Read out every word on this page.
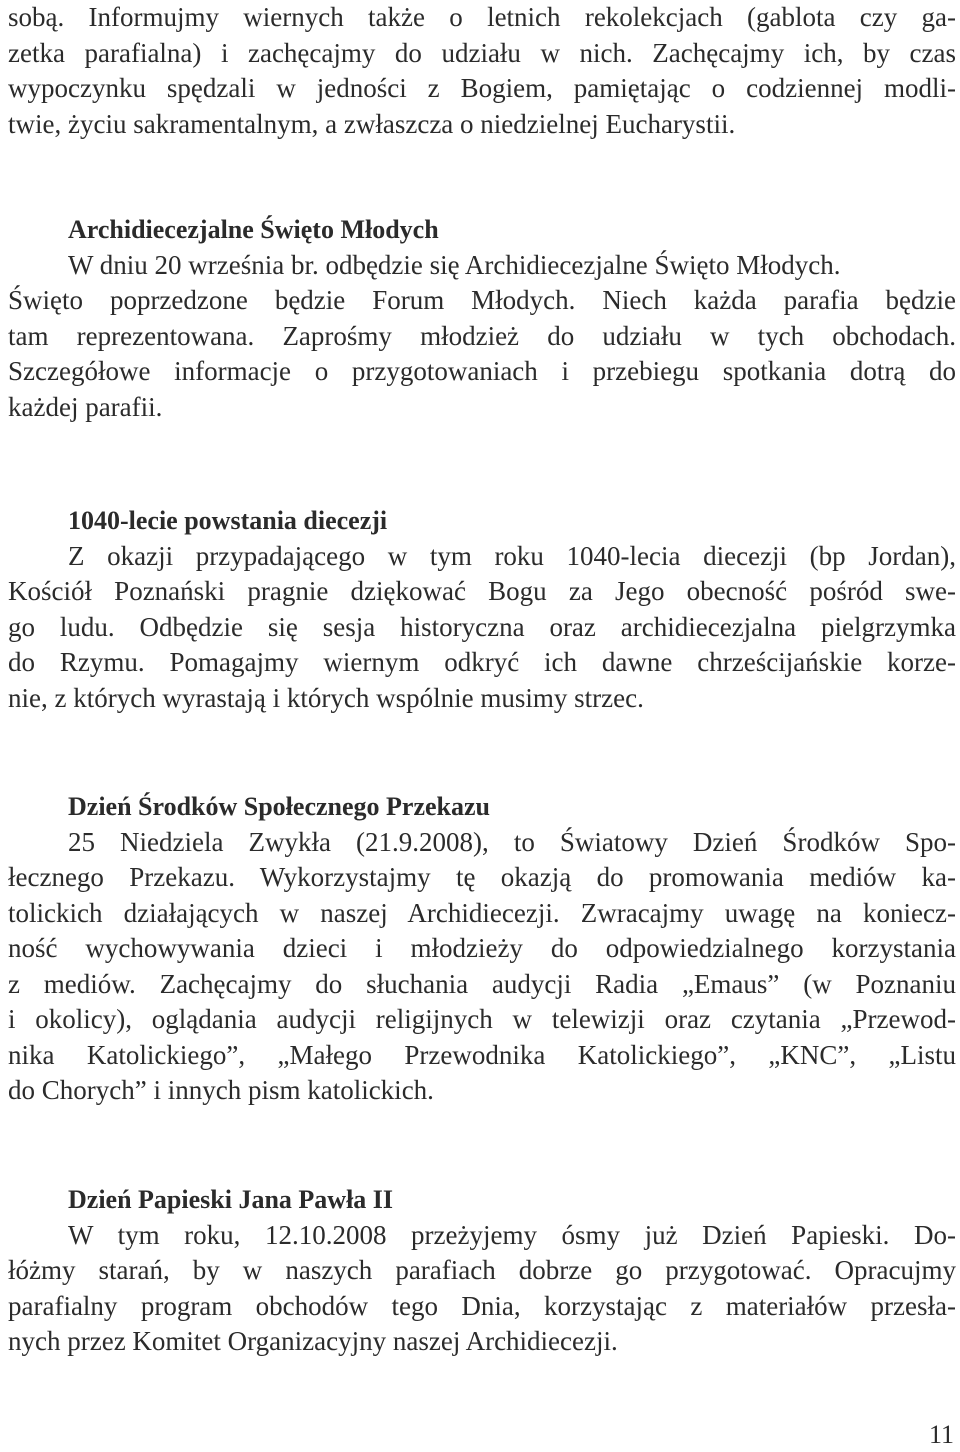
sobą. Informujmy wiernych także o letnich rekolekcjach (gablota czy ga-
zetka parafialna) i zachęcajmy do udziału w nich. Zachęcajmy ich, by czas
wypoczynku spędzali w jedności z Bogiem, pamiętając o codziennej modli-
twie, życiu sakramentalnym, a zwłaszcza o niedzielnej Eucharystii.

Archidiecezjalne Święto Młodych

W dniu 20 września br. odbędzie się Archidiecezjalne Święto Młodych.
Święto poprzedzone będzie Forum Młodych. Niech każda parafia będzie
tam reprezentowana. Zaprośmy młodzież do udziału w tych obchodach.
Szczegółowe informacje o przygotowaniach i przebiegu spotkania dotrą do
każdej parafii.

1040-lecie powstania diecezji

Z okazji przypadającego w tym roku 1040-lecia diecezji (bp Jordan),
Kościół Poznański pragnie dziękować Bogu za Jego obecność pośród swe-
go ludu. Odbędzie się sesja historyczna oraz archidiecezjalna pielgrzymka
do Rzymu. Pomagajmy wiernym odkryć ich dawne chrześcijańskie korze-
nie, z których wyrastają i których wspólnie musimy strzec.

Dzień Środków Społecznego Przekazu

25 Niedziela Zwykła (21.9.2008), to Światowy Dzień Środków Spo-
łecznego Przekazu. Wykorzystajmy tę okazją do promowania mediów ka-
tolickich działających w naszej Archidiecezji. Zwracajmy uwagę na koniecz-
ność wychowywania dzieci i młodzieży do odpowiedzialnego korzystania
z mediów. Zachęcajmy do słuchania audycji Radia „Emaus” (w Poznaniu
i okolicy), oglądania audycji religijnych w telewizji oraz czytania „Przewod-
nika Katolickiego”, „Małego Przewodnika Katolickiego”, „KNC”, „Listu
do Chorych” i innych pism katolickich.

Dzień Papieski Jana Pawła II

W tym roku, 12.10.2008 przeżyjemy ósmy już Dzień Papieski. Do-
łóżmy starań, by w naszych parafiach dobrze go przygotować. Opracujmy
parafialny program obchodów tego Dnia, korzystając z materiałów przesła-
nych przez Komitet Organizacyjny naszej Archidiecezji.

11
